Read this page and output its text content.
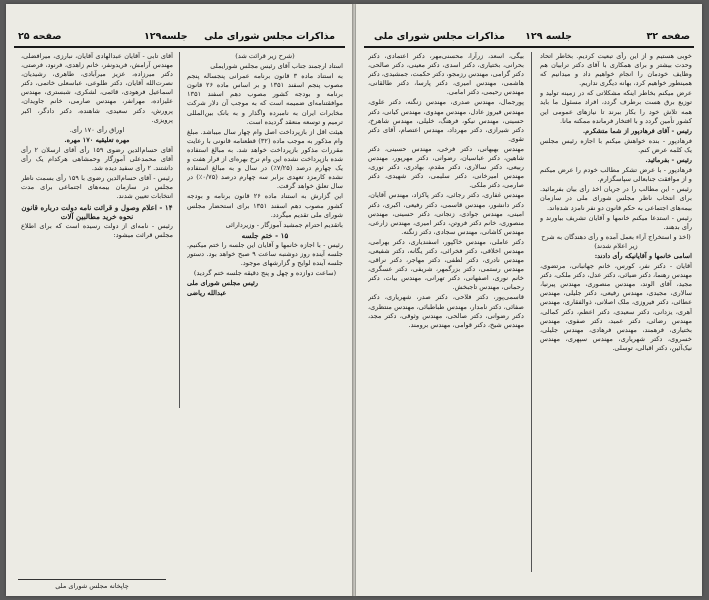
مذاکرات مجلس شورای ملی
جلسه۱۲۹
صفحه ۲۵

(شرح زیر قرائت شد)

استاد ارجمند جناب آقای رئیس مجلس شورایملی

به استناد ماده ۳ قانون برنامه عمرانی پنجساله پنجم مصوب پنجم اسفند ۱۳۵۱ و بر اساس ماده ۲۶ قانون برنامه و بودجه کشور مصوب دهم اسفند ۱۳۵۱ موافقتنامه‌ای ضمیمه است که به موجب آن دلار شرکت مخابرات ایران به نامبرده واگذار و به بانک بین‌المللی ترمیم و توسعه منعقد گردیده است.

هیئت اقل از بازپرداخت اصل وام چهار سال میباشد. مبلغ وام مذکور به موجب ماده (۳۲) قطعنامه قانونی با رعایت مقررات مذکور بازپرداخت خواهد شد. به مبالغ استفاده شده بازپرداخت نشده این وام نرخ بهره‌ای از قرار هفت و یک چهارم درصد (۷/۲۵٪) در سال و به مبالغ استفاده نشده کارمزد تعهدی برابر سه چهارم درصد (۰/۷۵٪) در سال تعلق خواهد گرفت.

این گزارش به استناد ماده ۲۶ قانون برنامه و بودجه کشور مصوب دهم اسفند ۱۳۵۱ برای استحضار مجلس شورای ملی تقدیم میگردد.

باتقدیم احترام جمشید آموزگار - وزیردارائی

۱۵ - ختم جلسه

رئیس - با اجازه خانمها و آقایان این جلسه را ختم میکنیم. جلسه آینده روز دوشنبه ساعت ۹ صبح خواهد بود. دستور جلسه آینده لوایح و گزارشهای موجود.

(ساعت دوازده و چهل و پنج دقیقه جلسه ختم گردید)

رئیس مجلس شورای ملی

عبدالله ریاضی

آقای تابی - آقایان عبدالهادی آقایان، نبارزی، میرافضلی، مهندس آرامش، فریدونفر، خانم زاهدی، فرنود، فرصتی، دکتر میرزاده، عزیز میرآبادی، طاهری، رشیدیان، نصرت‌الله آقایان، دکتر طلوعی، عباسعلی خاتمی، دکتر اسماعیل فرهودی، قائمی، لشکری، شبستری، مهندس علیزاده، مهرانفر، مهندس صارمی، خانم جاویدان، پرورش، دکتر سعیدی، شاهنده، دکتر دادگر، اکبر پرویزی.

اوراق رأی ۱۷۰ رأی.

مهره تعلیقیه ۱۷۰ مهره.

آقای حسام‌الدین رضوی ۱۵۹ رأی آقای ارسلان ۲ رأی آقای محمدعلی آموزگار وحمشاهی هرکدام یک رأی داشتند. ۲ رأی سفید دیده شد.

رئیس - آقای حسام‌الدین رضوی با ۱۵۹ رأی بسمت ناظر مجلس در سازمان بیمه‌های اجتماعی برای مدت انتخابات تعیین شدند.

۱۴ - اعلام وصول و قرائت نامه دولت درباره قانون نحوه خرید مطالبین آلات

رئیس - نامه‌ای از دولت رسیده است که برای اطلاع مجلس قرائت میشود:

چاپخانه مجلس شورای ملی
صفحه ۳۲
جلسه ۱۲۹
مذاکرات مجلس شورای ملی

خوبی هستیم و از این رأی تبعیت کردیم. بخاطر اتحاد وحدت بیشتر و برای همکاری با آقای دکتر ترابیان هم وظایف خودمان را انجام خواهیم داد و میدانیم که همینطور خواهیم کرد، بهانه دیگری نداریم.

عرض میکنم بخاطر اینکه مشکلاتی که در زمینه تولید و توزیع برق هست برطرف گردد، افراد مسئول ما باید همه تلاش خود را بکار ببرند تا نیازهای عمومی این کشور تأمین گردد و با افتخار فرمانده ممکنه مانا.

رئیس - آقای فرهادپور از شما متشکرم.

فرهادپور - بنده خواهش میکنم با اجازه رئیس مجلس یک کلمه عرض کنم.

رئیس - بفرمائید.

فرهادپور - با عرض تشکر مطالب خودم را عرض میکنم و از موافقت جنابعالی سپاسگزارم.

رئیس - این مطالب را در جریان اخذ رأی بیان بفرمائید. برای انتخاب ناظر مجلس شورای ملی در سازمان بیمه‌های اجتماعی به حکم قانون دو نفر نامزد شده‌اند.

رئیس - استدعا میکنم خانمها و آقایان تشریف بیاورند و رأی بدهند.

(اخذ و استخراج آراء بعمل آمده و رأی دهندگان به شرح زیر اعلام شدند)

اسامی خانمها و آقایانیکه رأی دادند:

آقایان - دکتر نفر، کورس، خانم جهانبانی، مرتضوی، مهندس رهنما، دکتر ضیائی، دکتر عدل، دکتر ملکی، دکتر مجید، آقای الوند، مهندس منصوری، مهندس پیرنیا، سالاری، مجیدی، مهندس رفیعی، دکتر جلیلی، مهندس عطائی، دکتر فیروزی، ملک اصلانی، ذوالفقاری، مهندس آهری، یزدانی، دکتر سعیدی، دکتر اعظم، دکتر کمالی، مهندس رضائی، دکتر عمید، دکتر صفوی، مهندس بختیاری، فرهمند، مهندس فرهادی، مهندس جلیلی، خسروی، دکتر شهریاری، مهندس سپهری، مهندس نیک‌آئین، دکتر اقبالی، توسلی.

بیگی، اسعد، زرآرا، محسنی‌مهر، دکتر اعتمادی، دکتر بحرانی، بختیاری، دکتر اسدی، دکتر معینی، دکتر صالحی، دکتر گرامی، مهندس رزمجو، دکتر حکمت، جمشیدی، دکتر هاشمی، مهندس امیری، دکتر پارسا، دکتر طالقانی، مهندس رحیمی، دکتر امامی.

پورجمال، مهندس صدری، مهندس زنگنه، دکتر علوی، مهندس فیروز عادل، مهندس مهدوی، مهندس کیانی، دکتر حسینی، مهندس نیکو، فرهنگ، خلیلی، مهندس شاهرخ، دکتر شیرازی، دکتر مهرداد، مهندس اعتصام، آقای دکتر تقوی.

مهندس بهبهانی، دکتر فرخی، مهندس حسینی، دکتر شاهین، دکتر عباسیان، رضوانی، دکتر مهرپور، مهندس ربیعی، دکتر سالاری، دکتر مقدم، بهادری، دکتر نوری، مهندس امیرخانی، دکتر سلیمی، دکتر شهیدی، دکتر صارمی، دکتر ملکی.

مهندس غفاری، دکتر رجائی، دکتر پاکزاد، مهندس آقایان، دکتر دانشور، مهندس قاسمی، دکتر رفیعی، اکبری، دکتر امینی، مهندس جوادی، زنجانی، دکتر حسینی، مهندس منصوری، خانم دکتر فروتن، دکتر امیری، مهندس زارعی، مهندس کاشانی، مهندس سجادی، دکتر زنگنه.

دکتر عاملی، مهندس خاکپور، اسفندیاری، دکتر بهرامی، مهندس اخلاقی، دکتر فخرائی، دکتر یگانه، دکتر شفیعی، مهندس نادری، دکتر لطفی، دکتر مهاجر، دکتر نراقی، مهندس رستمی، دکتر بزرگمهر، شریفی، دکتر عسگری، خانم نوری، اصفهانی، دکتر تهرانی، مهندس بیات، دکتر رحمانی، مهندس تاجبخش.

قاسمی‌پور، دکتر فلاحی، دکتر صدر، شهریاری، دکتر صفائی، دکتر نامدار، مهندس طباطبائی، مهندس منتظری، دکتر رضوانی، دکتر صالحی، مهندس وثوقی، دکتر مجد، مهندس شیخ، دکتر قوامی، مهندس برومند.
